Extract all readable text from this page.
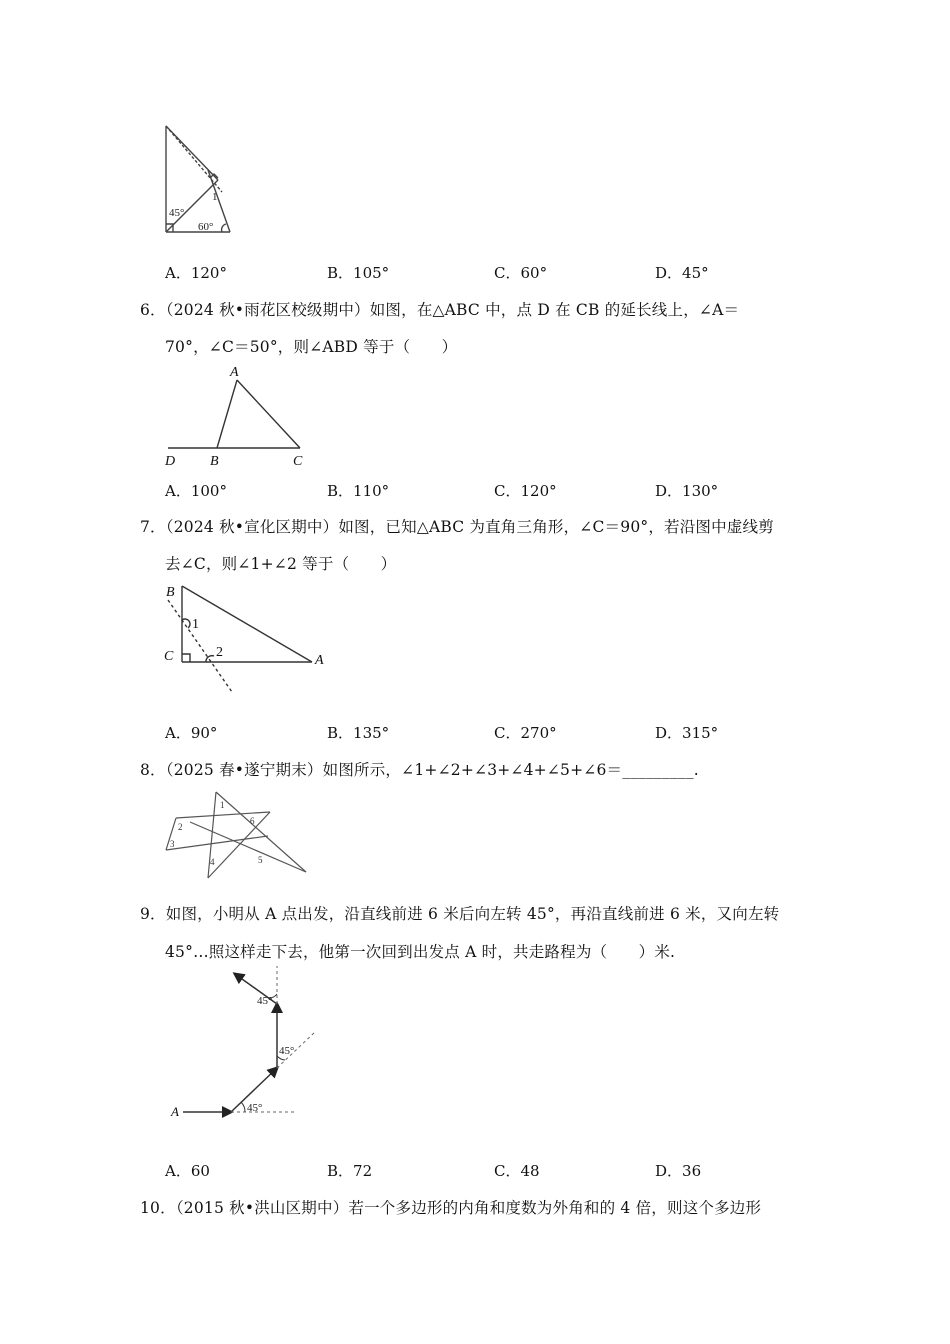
45°
60°
1
A．120°	B．105°	C．60°	D．45°
6．（2024 秋•雨花区校级期中）如图，在△ABC 中，点 D 在 CB 的延长线上，∠A＝
70°，∠C＝50°，则∠ABD 等于（　　）
A
B	C
D
A．100°	B．110°	C．120°	D．130°
7．（2024 秋•宣化区期中）如图，已知△ABC 为直角三角形，∠C＝90°，若沿图中虚线剪
去∠C，则∠1+∠2 等于（　　）
B
C	A
1
2
A．90°	B．135°	C．270°	D．315°
8．（2025 春•遂宁期末）如图所示，∠1+∠2+∠3+∠4+∠5+∠6＝_________.
1
2
3
4	5
6
9．如图，小明从 A 点出发，沿直线前进 6 米后向左转 45°，再沿直线前进 6 米，又向左转
45°…照这样走下去，他第一次回到出发点 A 时，共走路程为（　　）米.
A	45°
45°
45°
A．60	B．72	C．48	D．36
10．（2015 秋•洪山区期中）若一个多边形的内角和度数为外角和的 4 倍，则这个多边形
